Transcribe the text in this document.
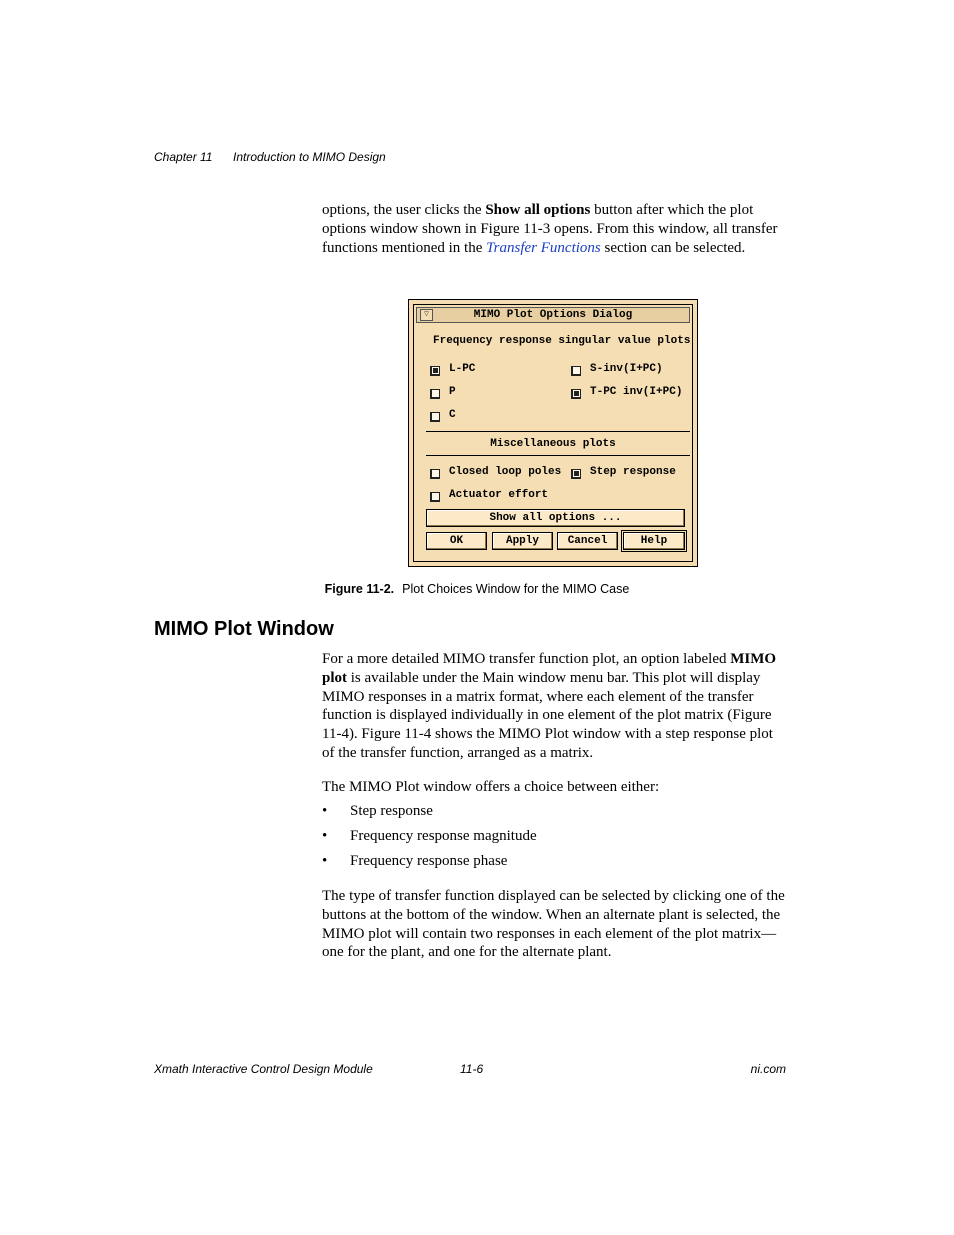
Chapter 11 Introduction to MIMO Design

options, the user clicks the Show all options button after which the plot options window shown in Figure 11-3 opens. From this window, all transfer functions mentioned in the Transfer Functions section can be selected.

▽	MIMO Plot Options Dialog
Frequency response singular value plots
L-PC	S-inv(I+PC)
P	T-PC inv(I+PC)
C
Miscellaneous plots
Closed loop poles	Step response
Actuator effort
Show all options ...
OK	Apply	Cancel	Help
Figure 11-2. Plot Choices Window for the MIMO Case
MIMO Plot Window

For a more detailed MIMO transfer function plot, an option labeled MIMO plot is available under the Main window menu bar. This plot will display MIMO responses in a matrix format, where each element of the transfer function is displayed individually in one element of the plot matrix (Figure 11-4). Figure 11-4 shows the MIMO Plot window with a step response plot of the transfer function, arranged as a matrix.

The MIMO Plot window offers a choice between either:

• Step response
• Frequency response magnitude
• Frequency response phase

The type of transfer function displayed can be selected by clicking one of the buttons at the bottom of the window. When an alternate plant is selected, the MIMO plot will contain two responses in each element of the plot matrix—one for the plant, and one for the alternate plant.

Xmath Interactive Control Design Module	11-6	ni.com
